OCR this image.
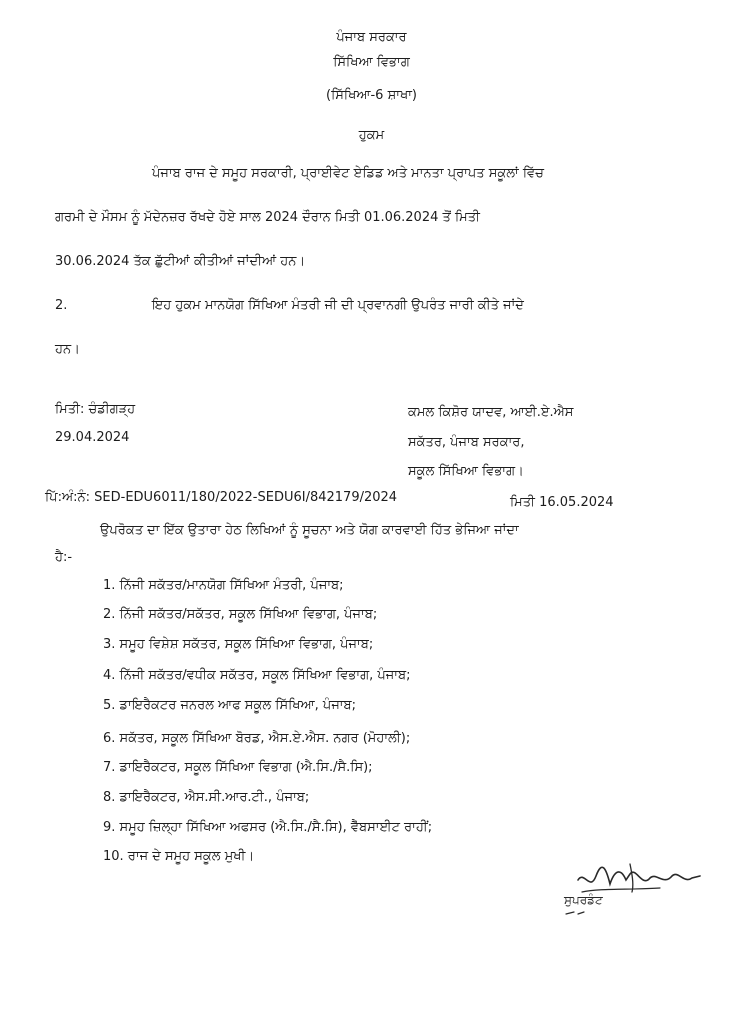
ਪੰਜਾਬ ਸਰਕਾਰ
ਸਿੱਖਿਆ ਵਿਭਾਗ
(ਸਿੱਖਿਆ-6 ਸ਼ਾਖਾ)
ਹੁਕਮ
ਪੰਜਾਬ ਰਾਜ ਦੇ ਸਮੂਹ ਸਰਕਾਰੀ, ਪ੍ਰਾਈਵੇਟ ਏਡਿਡ ਅਤੇ ਮਾਨਤਾ ਪ੍ਰਾਪਤ ਸਕੂਲਾਂ ਵਿੱਚ
ਗਰਮੀ ਦੇ ਮੌਸਮ ਨੂੰ ਮੱਦੇਨਜ਼ਰ ਰੱਖਦੇ ਹੋਏ ਸਾਲ 2024 ਦੌਰਾਨ ਮਿਤੀ 01.06.2024 ਤੋਂ ਮਿਤੀ
30.06.2024 ਤੱਕ ਛੁੱਟੀਆਂ ਕੀਤੀਆਂ ਜਾਂਦੀਆਂ ਹਨ।
2.	ਇਹ ਹੁਕਮ ਮਾਨਯੋਗ ਸਿੱਖਿਆ ਮੰਤਰੀ ਜੀ ਦੀ ਪ੍ਰਵਾਨਗੀ ਉਪਰੰਤ ਜਾਰੀ ਕੀਤੇ ਜਾਂਦੇ
ਹਨ।
ਮਿਤੀ: ਚੰਡੀਗੜ੍ਹ
29.04.2024
ਕਮਲ ਕਿਸ਼ੋਰ ਯਾਦਵ, ਆਈ.ਏ.ਐਸ
ਸਕੱਤਰ, ਪੰਜਾਬ ਸਰਕਾਰ,
ਸਕੂਲ ਸਿੱਖਿਆ ਵਿਭਾਗ।
ਪਿੱ:ਅੰ:ਨੰ: SED-EDU6011/180/2022-SEDU6I/842179/2024	ਮਿਤੀ 16.05.2024
ਉਪਰੋਕਤ ਦਾ ਇੱਕ ਉਤਾਰਾ ਹੇਠ ਲਿਖਿਆਂ ਨੂੰ ਸੂਚਨਾ ਅਤੇ ਯੋਗ ਕਾਰਵਾਈ ਹਿੱਤ ਭੇਜਿਆ ਜਾਂਦਾ
ਹੈ:-
1. ਨਿੱਜੀ ਸਕੱਤਰ/ਮਾਨਯੋਗ ਸਿੱਖਿਆ ਮੰਤਰੀ, ਪੰਜਾਬ;
2. ਨਿੱਜੀ ਸਕੱਤਰ/ਸਕੱਤਰ, ਸਕੂਲ ਸਿੱਖਿਆ ਵਿਭਾਗ, ਪੰਜਾਬ;
3. ਸਮੂਹ ਵਿਸ਼ੇਸ਼ ਸਕੱਤਰ, ਸਕੂਲ ਸਿੱਖਿਆ ਵਿਭਾਗ, ਪੰਜਾਬ;
4. ਨਿੱਜੀ ਸਕੱਤਰ/ਵਧੀਕ ਸਕੱਤਰ, ਸਕੂਲ ਸਿੱਖਿਆ ਵਿਭਾਗ, ਪੰਜਾਬ;
5. ਡਾਇਰੈਕਟਰ ਜਨਰਲ ਆਫ ਸਕੂਲ ਸਿੱਖਿਆ, ਪੰਜਾਬ;
6. ਸਕੱਤਰ, ਸਕੂਲ ਸਿੱਖਿਆ ਬੋਰਡ, ਐਸ.ਏ.ਐਸ. ਨਗਰ (ਮੋਹਾਲੀ);
7. ਡਾਇਰੈਕਟਰ, ਸਕੂਲ ਸਿੱਖਿਆ ਵਿਭਾਗ (ਐ.ਸਿ./ਸੈ.ਸਿ);
8. ਡਾਇਰੈਕਟਰ, ਐਸ.ਸੀ.ਆਰ.ਟੀ., ਪੰਜਾਬ;
9. ਸਮੂਹ ਜ਼ਿਲ੍ਹਾ ਸਿੱਖਿਆ ਅਫਸਰ (ਐ.ਸਿ./ਸੈ.ਸਿ), ਵੈੱਬਸਾਈਟ ਰਾਹੀਂ;
10. ਰਾਜ ਦੇ ਸਮੂਹ ਸਕੂਲ ਮੁਖੀ।
ਸੁਪਰਡੰਟ
